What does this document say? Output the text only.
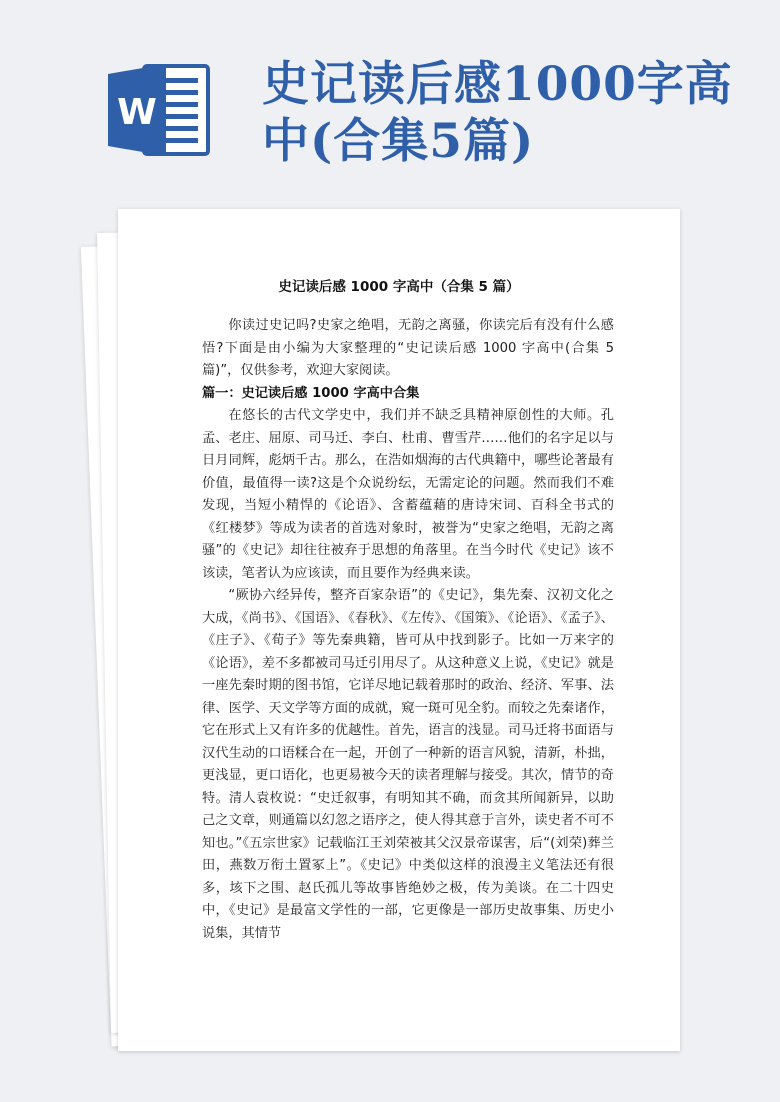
W
史记读后感1000字高中(合集5篇)
史记读后感 1000 字高中（合集 5 篇）

你读过史记吗?史家之绝唱，无韵之离骚，你读完后有没有什么感悟?下面是由小编为大家整理的“史记读后感 1000 字高中(合集 5 篇)”，仅供参考，欢迎大家阅读。

篇一：史记读后感 1000 字高中合集

在悠长的古代文学史中，我们并不缺乏具精神原创性的大师。孔孟、老庄、屈原、司马迁、李白、杜甫、曹雪芹……他们的名字足以与日月同辉，彪炳千古。那么，在浩如烟海的古代典籍中，哪些论著最有价值，最值得一读?这是个众说纷纭，无需定论的问题。然而我们不难发现，当短小精悍的《论语》、含蓄蕴藉的唐诗宋词、百科全书式的《红楼梦》等成为读者的首选对象时，被誉为“史家之绝唱，无韵之离骚”的《史记》却往往被弃于思想的角落里。在当今时代《史记》该不该读，笔者认为应该读，而且要作为经典来读。

“厥协六经异传，整齐百家杂语”的《史记》，集先秦、汉初文化之大成，《尚书》、《国语》、《春秋》、《左传》、《国策》、《论语》、《孟子》、《庄子》、《荀子》等先秦典籍，皆可从中找到影子。比如一万来字的《论语》，差不多都被司马迁引用尽了。从这种意义上说，《史记》就是一座先秦时期的图书馆，它详尽地记载着那时的政治、经济、军事、法律、医学、天文学等方面的成就，窥一斑可见全豹。而较之先秦诸作，它在形式上又有许多的优越性。首先，语言的浅显。司马迁将书面语与汉代生动的口语糅合在一起，开创了一种新的语言风貌，清新，朴拙，更浅显，更口语化，也更易被今天的读者理解与接受。其次，情节的奇特。清人袁枚说：“史迁叙事，有明知其不确，而贪其所闻新异，以助己之文章，则通篇以幻忽之语序之，使人得其意于言外，读史者不可不知也。”《五宗世家》记载临江王刘荣被其父汉景帝谋害，后“(刘荣)葬兰田，燕数万衔土置冢上”。《史记》中类似这样的浪漫主义笔法还有很多，垓下之围、赵氏孤儿等故事皆绝妙之极，传为美谈。在二十四史中，《史记》是最富文学性的一部，它更像是一部历史故事集、历史小说集，其情节
